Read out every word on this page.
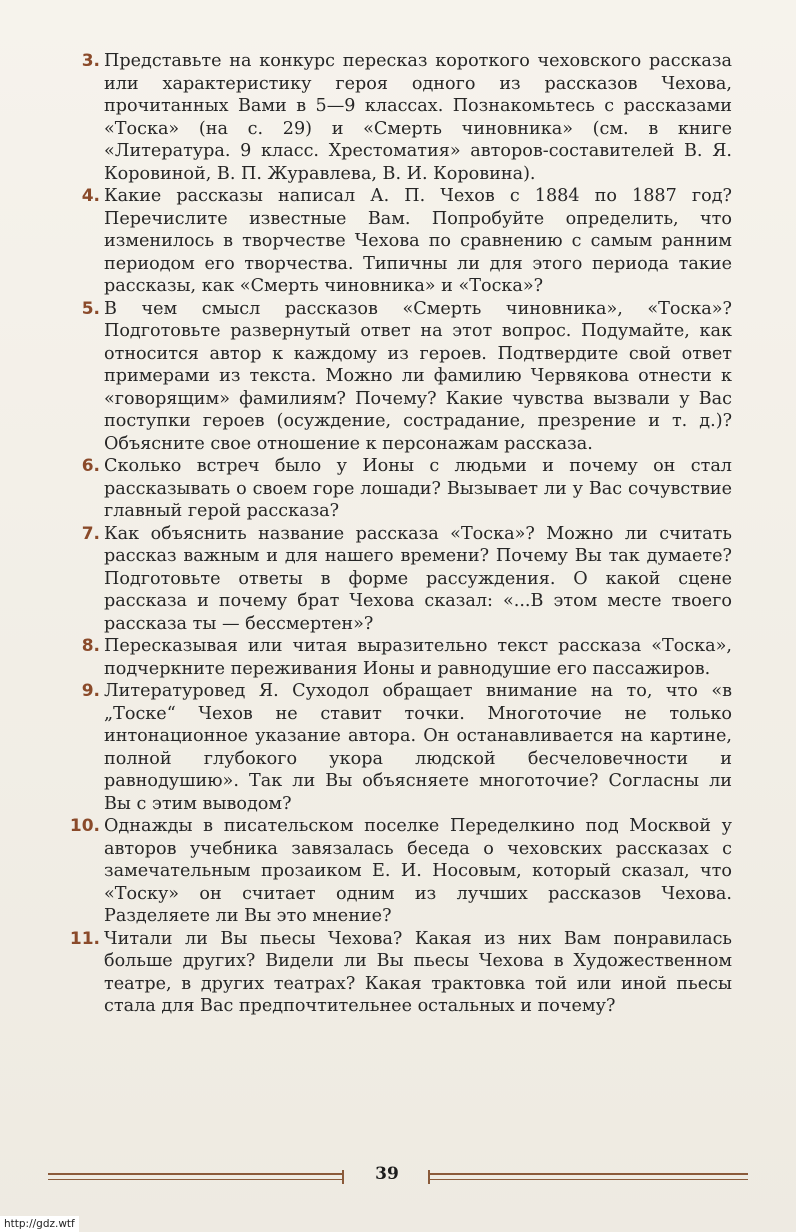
3. Представьте на конкурс пересказ короткого чеховского рассказа или характеристику героя одного из рассказов Чехова, прочитанных Вами в 5—9 классах. Познакомьтесь с рассказами «Тоска» (на с. 29) и «Смерть чиновника» (см. в книге «Литература. 9 класс. Хрестоматия» авторов-составителей В. Я. Коровиной, В. П. Журавлева, В. И. Коровина).
4. Какие рассказы написал А. П. Чехов с 1884 по 1887 год? Перечислите известные Вам. Попробуйте определить, что изменилось в творчестве Чехова по сравнению с самым ранним периодом его творчества. Типичны ли для этого периода такие рассказы, как «Смерть чиновника» и «Тоска»?
5. В чем смысл рассказов «Смерть чиновника», «Тоска»? Подготовьте развернутый ответ на этот вопрос. Подумайте, как относится автор к каждому из героев. Подтвердите свой ответ примерами из текста. Можно ли фамилию Червякова отнести к «говорящим» фамилиям? Почему? Какие чувства вызвали у Вас поступки героев (осуждение, сострадание, презрение и т. д.)? Объясните свое отношение к персонажам рассказа.
6. Сколько встреч было у Ионы с людьми и почему он стал рассказывать о своем горе лошади? Вызывает ли у Вас сочувствие главный герой рассказа?
7. Как объяснить название рассказа «Тоска»? Можно ли считать рассказ важным и для нашего времени? Почему Вы так думаете? Подготовьте ответы в форме рассуждения. О какой сцене рассказа и почему брат Чехова сказал: «...В этом месте твоего рассказа ты — бессмертен»?
8. Пересказывая или читая выразительно текст рассказа «Тоска», подчеркните переживания Ионы и равнодушие его пассажиров.
9. Литературовед Я. Суходол обращает внимание на то, что «в „Тоске“ Чехов не ставит точки. Многоточие не только интонационное указание автора. Он останавливается на картине, полной глубокого укора людской бесчеловечности и равнодушию». Так ли Вы объясняете многоточие? Согласны ли Вы с этим выводом?
10. Однажды в писательском поселке Переделкино под Москвой у авторов учебника завязалась беседа о чеховских рассказах с замечательным прозаиком Е. И. Носовым, который сказал, что «Тоску» он считает одним из лучших рассказов Чехова. Разделяете ли Вы это мнение?
11. Читали ли Вы пьесы Чехова? Какая из них Вам понравилась больше других? Видели ли Вы пьесы Чехова в Художественном театре, в других театрах? Какая трактовка той или иной пьесы стала для Вас предпочтительнее остальных и почему?
39
http://gdz.wtf
